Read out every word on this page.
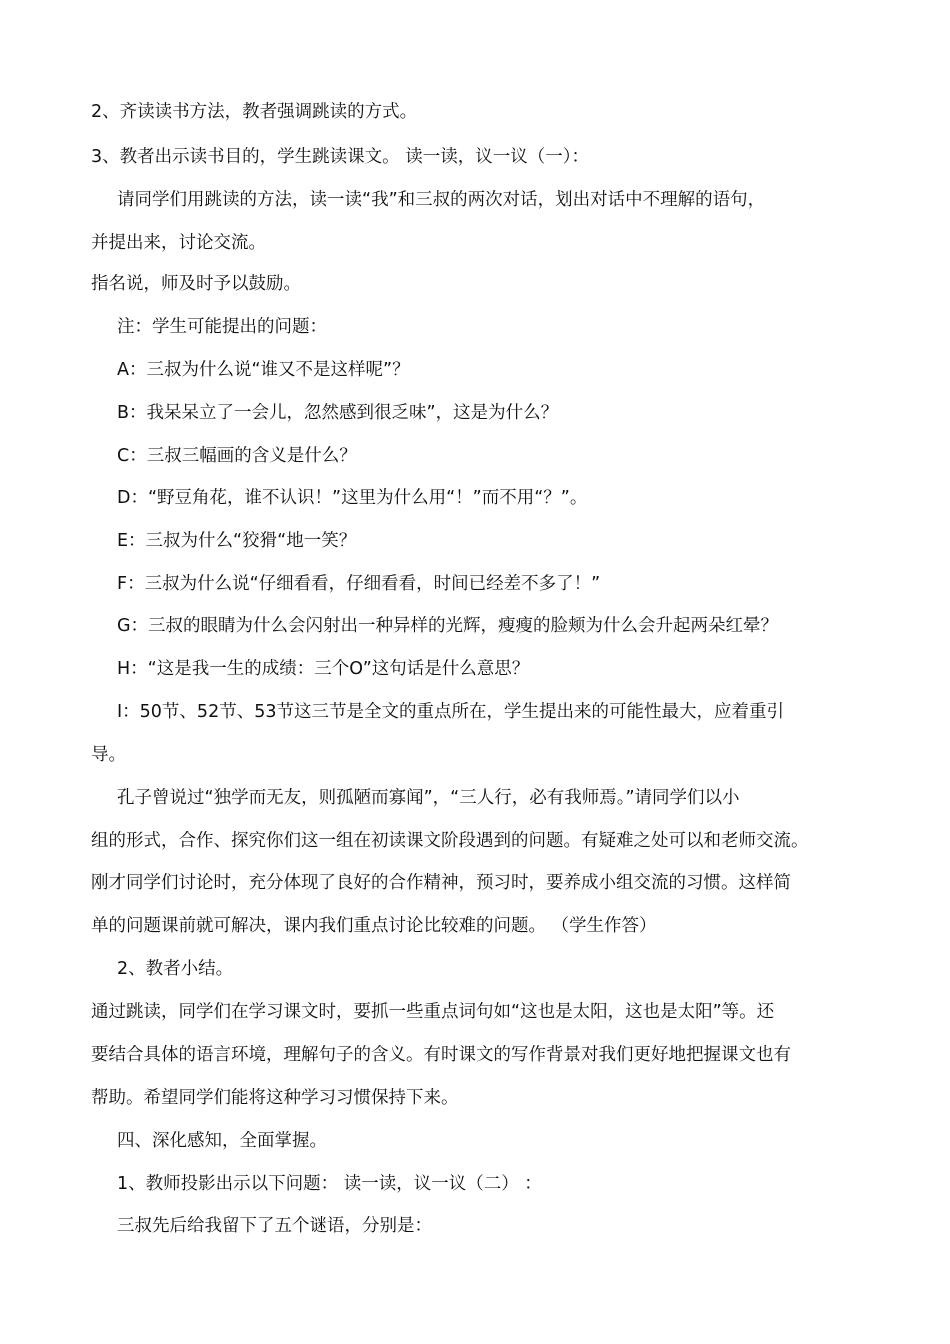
2、齐读读书方法，教者强调跳读的方式。
3、教者出示读书目的，学生跳读课文。 读一读，议一议（一）：
请同学们用跳读的方法，读一读“我”和三叔的两次对话，划出对话中不理解的语句，
并提出来，讨论交流。
指名说，师及时予以鼓励。
注：学生可能提出的问题：
A：三叔为什么说“谁又不是这样呢”？
B：我呆呆立了一会儿，忽然感到很乏味”，这是为什么？
C：三叔三幅画的含义是什么？
D：“野豆角花，谁不认识！”这里为什么用“！”而不用“？”。
E：三叔为什么“狡猾“地一笑？
F：三叔为什么说“仔细看看，仔细看看，时间已经差不多了！”
G：三叔的眼睛为什么会闪射出一种异样的光辉，瘦瘦的脸颊为什么会升起两朵红晕？
H：“这是我一生的成绩：三个O”这句话是什么意思？
I：50节、52节、53节这三节是全文的重点所在，学生提出来的可能性最大，应着重引
导。
孔子曾说过“独学而无友，则孤陋而寡闻”，“三人行，必有我师焉。”请同学们以小
组的形式，合作、探究你们这一组在初读课文阶段遇到的问题。有疑难之处可以和老师交流。
刚才同学们讨论时，充分体现了良好的合作精神，预习时，要养成小组交流的习惯。这样简
单的问题课前就可解决，课内我们重点讨论比较难的问题。 （学生作答）
2、教者小结。
通过跳读，同学们在学习课文时，要抓一些重点词句如“这也是太阳，这也是太阳”等。还
要结合具体的语言环境，理解句子的含义。有时课文的写作背景对我们更好地把握课文也有
帮助。希望同学们能将这种学习习惯保持下来。
四、深化感知，全面掌握。
1、教师投影出示以下问题： 读一读，议一议（二） ：
三叔先后给我留下了五个谜语，分别是：
